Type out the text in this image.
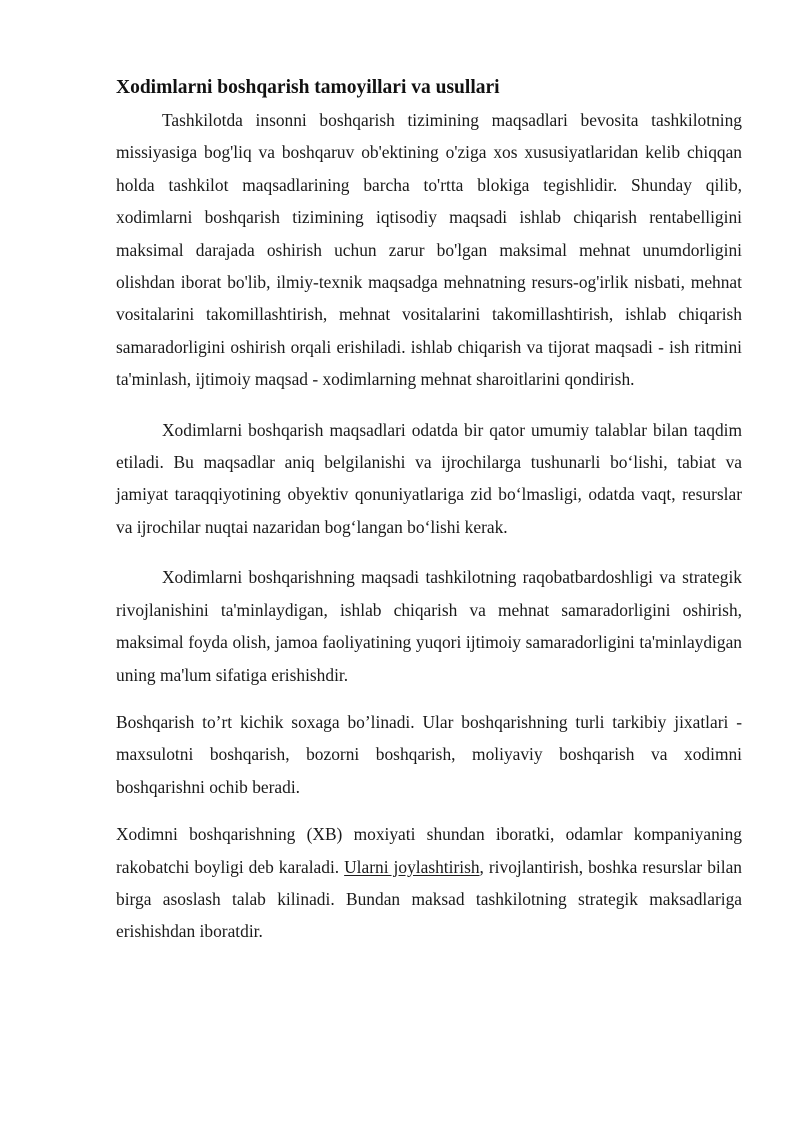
Xodimlarni boshqarish tamoyillari va usullari

Tashkilotda insonni boshqarish tizimining maqsadlari bevosita tashkilotning missiyasiga bog'liq va boshqaruv ob'ektining o'ziga xos xususiyatlaridan kelib chiqqan holda tashkilot maqsadlarining barcha to'rtta blokiga tegishlidir. Shunday qilib, xodimlarni boshqarish tizimining iqtisodiy maqsadi ishlab chiqarish rentabelligini maksimal darajada oshirish uchun zarur bo'lgan maksimal mehnat unumdorligini olishdan iborat bo'lib, ilmiy-texnik maqsadga mehnatning resurs-og'irlik nisbati, mehnat vositalarini takomillashtirish, mehnat vositalarini takomillashtirish, ishlab chiqarish samaradorligini oshirish orqali erishiladi. ishlab chiqarish va tijorat maqsadi - ish ritmini ta'minlash, ijtimoiy maqsad - xodimlarning mehnat sharoitlarini qondirish.

Xodimlarni boshqarish maqsadlari odatda bir qator umumiy talablar bilan taqdim etiladi. Bu maqsadlar aniq belgilanishi va ijrochilarga tushunarli bo‘lishi, tabiat va jamiyat taraqqiyotining obyektiv qonuniyatlariga zid bo‘lmasligi, odatda vaqt, resurslar va ijrochilar nuqtai nazaridan bog‘langan bo‘lishi kerak.

Xodimlarni boshqarishning maqsadi tashkilotning raqobatbardoshligi va strategik rivojlanishini ta'minlaydigan, ishlab chiqarish va mehnat samaradorligini oshirish, maksimal foyda olish, jamoa faoliyatining yuqori ijtimoiy samaradorligini ta'minlaydigan uning ma'lum sifatiga erishishdir.

Boshqarish to’rt kichik soxaga bo’linadi. Ular boshqarishning turli tarkibiy jixatlari - maxsulotni boshqarish, bozorni boshqarish, moliyaviy boshqarish va xodimni boshqarishni ochib beradi.

Xodimni boshqarishning (XB) moxiyati shundan iboratki, odamlar kompaniyaning rakobatchi boyligi deb karaladi. Ularni joylashtirish, rivojlantirish, boshka resurslar bilan birga asoslash talab kilinadi. Bundan maksad tashkilotning strategik maksadlariga erishishdan iboratdir.
